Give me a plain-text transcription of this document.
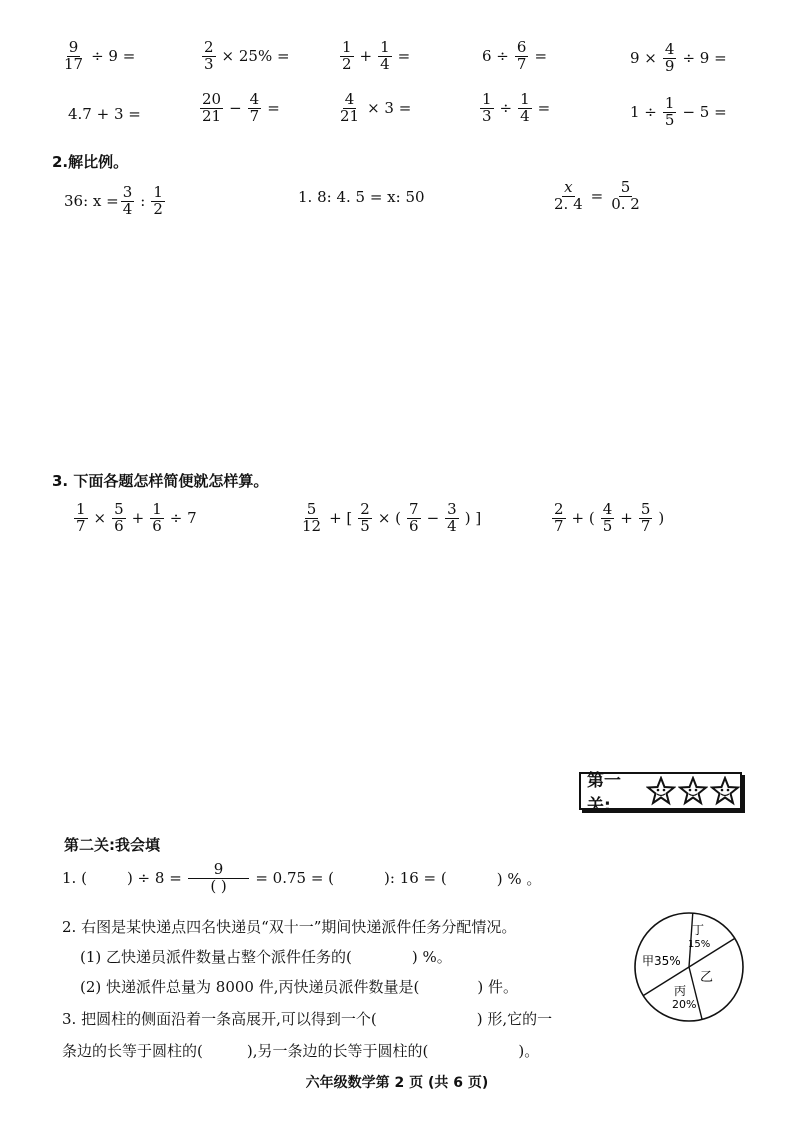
$\frac{9}{17} \div 9$ =	$\frac{2}{3} \times 25\%$ =	$\frac{1}{2} + \frac{1}{4}$ =	$6 \div \frac{6}{7}$ =	$9 \times \frac{4}{9} \div 9$ =
4.7 + 3 =	$\frac{20}{21} - \frac{4}{7}$ =	$\frac{4}{21} \times 3$ =	$\frac{1}{3} \div \frac{1}{4}$ =	$1 \div \frac{1}{5} - 5$ =
2.解比例。
36: $x = \frac{3}{4}$ : $\frac{1}{2}$	1. 8: 4. 5 = x: 50	$\frac{x}{2. 4} = \frac{5}{0. 2}$
3. 下面各题怎样简便就怎样算。
$\frac{1}{7} \times \frac{5}{6} + \frac{1}{6} \div 7$	$\frac{5}{12}$ + [ $\frac{2}{5}$ × ( $\frac{7}{6} - \frac{3}{4}$ ) ]	$\frac{2}{7}$ + ( $\frac{4}{5} + \frac{5}{7}$ )
第一关:
第二关:我会填
1. (	) ÷ $8 = \frac{9}{( )} = 0.75$ = (	): 16 = (	) % 。
2. 右图是某快递点四名快递员“双十一”期间快递派件任务分配情况。
(1) 乙快递员派件数量占整个派件任务的(	) %。
(2) 快递派件总量为 8000 件,丙快递员派件数量是(	) 件。
3. 把圆柱的侧面沿着一条高展开,可以得到一个(	) 形,它的一
条边的长等于圆柱的(	),另一条边的长等于圆柱的(	)。
甲35%
乙
丙
20%
丁
15%
六年级数学第 2 页 (共 6 页)
